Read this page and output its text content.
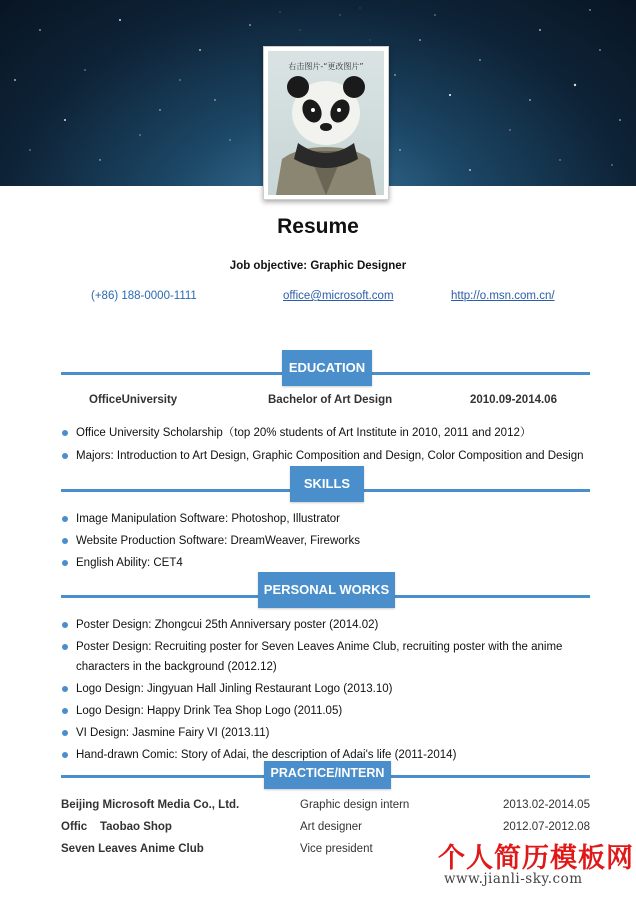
右击图片-“更改图片”
Resume
Job objective: Graphic Designer
(+86) 188-0000-1111	office@microsoft.com	http://o.msn.com.cn/
EDUCATION
OfficeUniversity	Bachelor of Art Design	2010.09-2014.06
Office University Scholarship（top 20% students of Art Institute in 2010, 2011 and 2012）
Majors: Introduction to Art Design, Graphic Composition and Design, Color Composition and Design
SKILLS
Image Manipulation Software: Photoshop, Illustrator
Website Production Software: DreamWeaver, Fireworks
English Ability: CET4
PERSONAL WORKS
Poster Design: Zhongcui 25th Anniversary poster (2014.02)
Poster Design: Recruiting poster for Seven Leaves Anime Club, recruiting poster with the anime
characters in the background (2012.12)
Logo Design: Jingyuan Hall Jinling Restaurant Logo (2013.10)
Logo Design: Happy Drink Tea Shop Logo (2011.05)
VI Design: Jasmine Fairy VI (2013.11)
Hand-drawn Comic: Story of Adai, the description of Adai's life (2011-2014)
PRACTICE/INTERN
Beijing Microsoft Media Co., Ltd.	Graphic design intern	2013.02-2014.05
Offic    Taobao Shop	Art designer	2012.07-2012.08
Seven Leaves Anime Club	Vice president 个人简历模板网
www.jianli-sky.com
